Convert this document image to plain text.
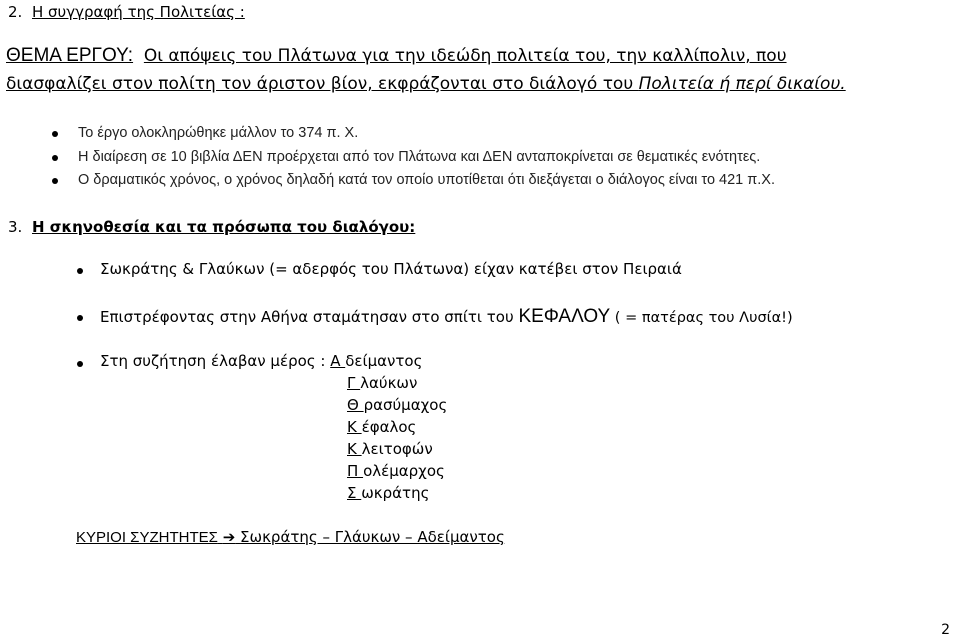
2. Η συγγραφή της Πολιτείας :
ΘΕΜΑ ΕΡΓΟΥ: Οι απόψεις του Πλάτωνα για την ιδεώδη πολιτεία του, την καλλίπολιν, που
διασφαλίζει στον πολίτη τον άριστον βίον, εκφράζονται στο διάλογό του Πολιτεία ή περί δικαίου.
Το έργο ολοκληρώθηκε μάλλον το 374 π. Χ.
Η διαίρεση σε 10 βιβλία ΔΕΝ προέρχεται από τον Πλάτωνα και ΔΕΝ ανταποκρίνεται σε θεματικές ενότητες.
Ο δραματικός χρόνος, ο χρόνος δηλαδή κατά τον οποίο υποτίθεται ότι διεξάγεται ο διάλογος είναι το 421 π.Χ.
3. Η σκηνοθεσία και τα πρόσωπα του διαλόγου:
Σωκράτης & Γλαύκων (= αδερφός του Πλάτωνα) είχαν κατέβει στον Πειραιά
Επιστρέφοντας στην Αθήνα σταμάτησαν στο σπίτι του ΚΕΦΑΛΟΥ ( = πατέρας του Λυσία!)
Στη συζήτηση έλαβαν μέρος : Α δείμαντος
Γ λαύκων
Θ ρασύμαχος
Κ έφαλος
Κ λειτοφών
Π ολέμαρχος
Σ ωκράτης
ΚΥΡΙΟΙ ΣΥΖΗΤΗΤΕΣ ➔ Σωκράτης – Γλάυκων – Αδείμαντος
2
